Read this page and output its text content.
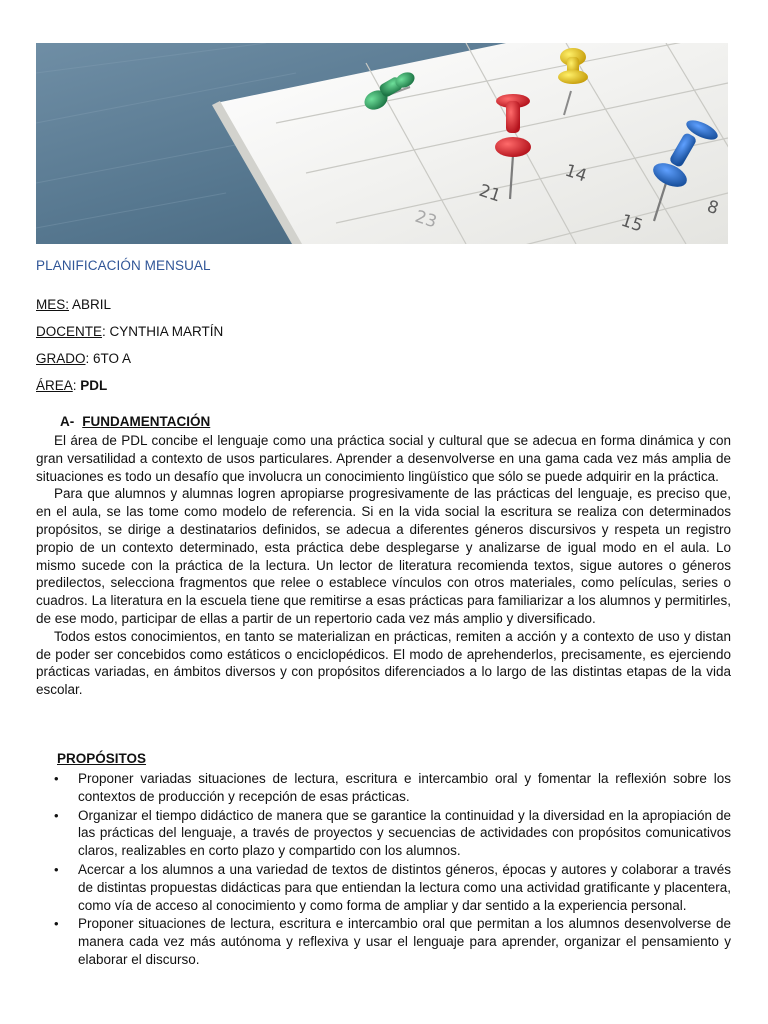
14
21
15
8
23
PLANIFICACIÓN MENSUAL
MES: ABRIL
DOCENTE: CYNTHIA MARTÍN
GRADO: 6TO A
ÁREA: PDL
A- FUNDAMENTACIÓN

El área de PDL concibe el lenguaje como una práctica social y cultural que se adecua en forma dinámica y con gran versatilidad a contexto de usos particulares. Aprender a desenvolverse en una gama cada vez más amplia de situaciones es todo un desafío que involucra un conocimiento lingüístico que sólo se puede adquirir en la práctica.

Para que alumnos y alumnas logren apropiarse progresivamente de las prácticas del lenguaje, es preciso que, en el aula, se las tome como modelo de referencia. Si en la vida social la escritura se realiza con determinados propósitos, se dirige a destinatarios definidos, se adecua a diferentes géneros discursivos y respeta un registro propio de un contexto determinado, esta práctica debe desplegarse y analizarse de igual modo en el aula. Lo mismo sucede con la práctica de la lectura. Un lector de literatura recomienda textos, sigue autores o géneros predilectos, selecciona fragmentos que relee o establece vínculos con otros materiales, como películas, series o cuadros. La literatura en la escuela tiene que remitirse a esas prácticas para familiarizar a los alumnos y permitirles, de ese modo, participar de ellas a partir de un repertorio cada vez más amplio y diversificado.

Todos estos conocimientos, en tanto se materializan en prácticas, remiten a acción y a contexto de uso y distan de poder ser concebidos como estáticos o enciclopédicos. El modo de aprehenderlos, precisamente, es ejerciendo prácticas variadas, en ámbitos diversos y con propósitos diferenciados a lo largo de las distintas etapas de la vida escolar.

PROPÓSITOS
• Proponer variadas situaciones de lectura, escritura e intercambio oral y fomentar la reflexión sobre los contextos de producción y recepción de esas prácticas.
• Organizar el tiempo didáctico de manera que se garantice la continuidad y la diversidad en la apropiación de las prácticas del lenguaje, a través de proyectos y secuencias de actividades con propósitos comunicativos claros, realizables en corto plazo y compartido con los alumnos.
• Acercar a los alumnos a una variedad de textos de distintos géneros, épocas y autores y colaborar a través de distintas propuestas didácticas para que entiendan la lectura como una actividad gratificante y placentera, como vía de acceso al conocimiento y como forma de ampliar y dar sentido a la experiencia personal.
• Proponer situaciones de lectura, escritura e intercambio oral que permitan a los alumnos desenvolverse de manera cada vez más autónoma y reflexiva y usar el lenguaje para aprender, organizar el pensamiento y elaborar el discurso.
